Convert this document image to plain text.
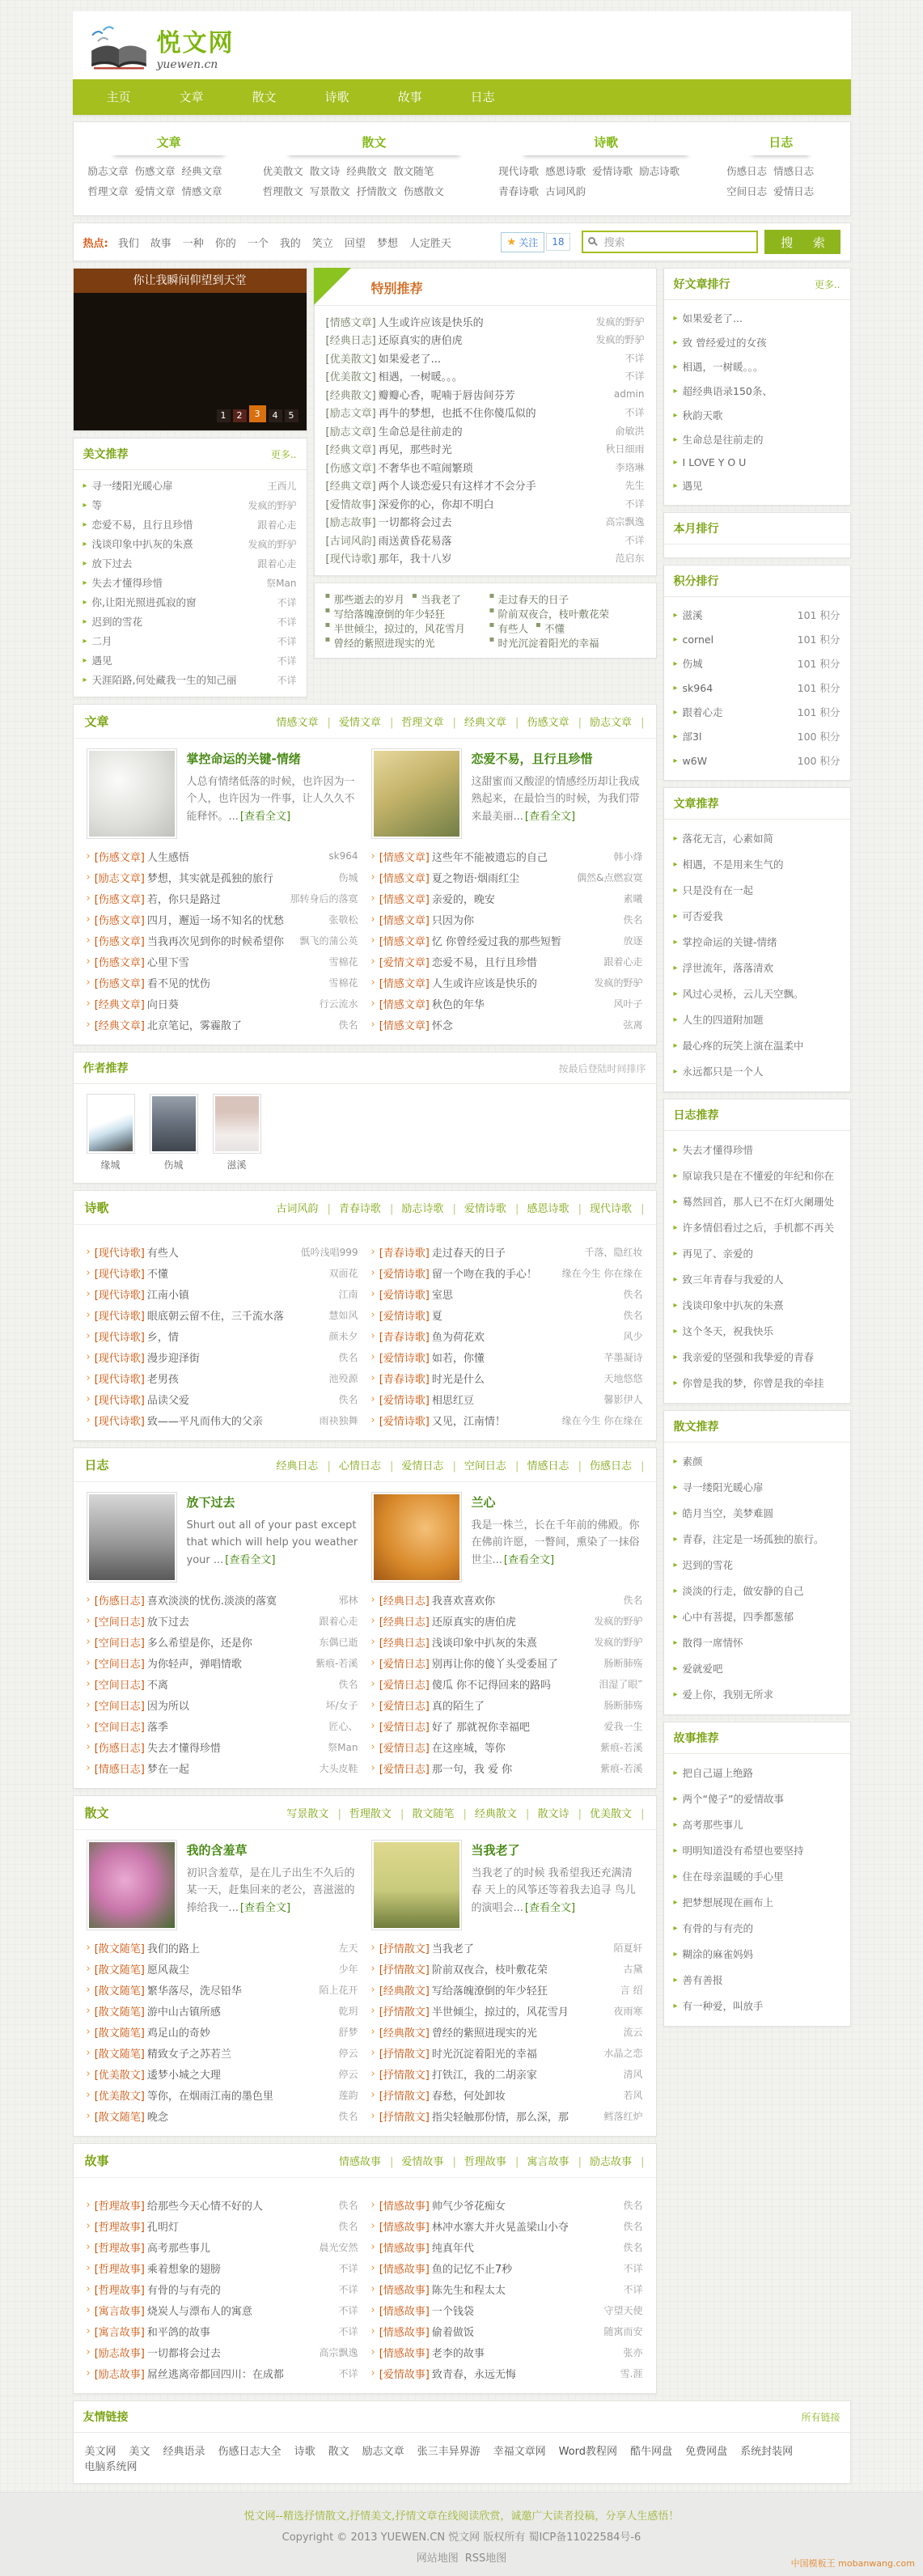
悦文网
yuewen.cn
主页	文章	散文	诗歌	故事	日志
文章
励志文章 伤感文章 经典文章
哲理文章 爱情文章 情感文章
散文
优美散文 散文诗 经典散文 散文随笔
哲理散文 写景散文 抒情散文 伤感散文
诗歌
现代诗歌 感恩诗歌 爱情诗歌 励志诗歌
青春诗歌 古词风韵
日志
伤感日志 情感日志
空间日志 爱情日志
热点: 我们 故事 一种 你的 一个 我的 笑立 回望 梦想 人定胜天
★	关注	18
搜索	搜 索
你让我瞬间仰望到天堂
1	2	3	4	5
美文推荐	更多..
▸ 寻一缕阳光暖心扉	王西儿
▸ 等	发疯的野驴
▸ 恋爱不易，且行且珍惜	跟着心走
▸ 浅谈印象中扒灰的朱熹	发疯的野驴
▸ 放下过去	跟着心走
▸ 失去才懂得珍惜	祭Man
▸ 你,让阳光照进孤寂的窗	不详
▸ 迟到的雪花	不详
▸ 二月	不详
▸ 遇见	不详
▸ 天涯陌路,何处藏我一生的知己丽	不详
特别推荐
[ 情感文章 ] 人生或许应该是快乐的	发疯的野驴
[ 经典日志 ] 还原真实的唐伯虎	发疯的野驴
[ 优美散文 ] 如果爱老了...	不详
[ 优美散文 ] 相遇，一树暖。。。	不详
[ 经典散文 ] 瓣瓣心香，呢喃于唇齿间芬芳	admin
[ 励志文章 ] 再牛的梦想，也抵不住你傻瓜似的	不详
[ 励志文章 ] 生命总是往前走的	俞敏洪
[ 经典文章 ] 再见，那些时光	秋日细雨
[ 伤感文章 ] 不奢华也不喧闹繁琐	李珞琳
[ 经典文章 ] 两个人谈恋爱只有这样才不会分手	先生
[ 爱情故事 ] 深爱你的心，你却不明白	不详
[ 励志故事 ] 一切都将会过去	高宗飘逸
[ 古词风韵 ] 雨送黄昏花易落	不详
[ 现代诗歌 ] 那年，我十八岁	范启东
▪ 那些逝去的岁月 ▪ 当我老了▪ 写给落魄潦倒的年少轻狂▪ 半世倾尘，掠过的，风花雪月▪ 曾经的紫照进现实的光
▪ 走过春天的日子▪ 阶前双夜合，枝叶敷花荣▪ 有些人 ▪ 不懂▪ 时光沉淀着阳光的幸福
文章	情感文章 |	爱情文章 |	哲理文章 |	经典文章 |	伤感文章 |	励志文章 |
掌控命运的关键-情绪
人总有情绪低落的时候，也许因为一个人，也许因为一件事，让人久久不能释怀。... [查看全文]
恋爱不易，且行且珍惜
这甜蜜而又酸涩的情感经历却让我成熟起来，在最恰当的时候，为我们带来最美丽... [查看全文]
[ › 伤感文章 ] 人生感悟	sk964
[ › 励志文章 ] 梦想，其实就是孤独的旅行	伤城
[ › 伤感文章 ] 若，你只是路过	那转身后的落寞
[ › 伤感文章 ] 四月，邂逅一场不知名的忧愁	张敬松
[ › 伤感文章 ] 当我再次见到你的时候希望你	飘飞的蒲公英
[ › 伤感文章 ] 心里下雪	雪棉花
[ › 伤感文章 ] 看不见的忧伤	雪棉花
[ › 经典文章 ] 向日葵	行云流水
[ › 经典文章 ] 北京笔记，雾霾散了	佚名
[ › 情感文章 ] 这些年不能被遗忘的自己	韩小烽
[ › 情感文章 ] 夏之物语·烟雨红尘	偶然&点燃寂寞
[ › 情感文章 ] 亲爱的，晚安	素曦
[ › 情感文章 ] 只因为你	佚名
[ › 情感文章 ] 忆 你曾经爱过我的那些短暂	放逐
[ › 爱情文章 ] 恋爱不易，且行且珍惜	跟着心走
[ › 情感文章 ] 人生或许应该是快乐的	发疯的野驴
[ › 情感文章 ] 秋色的年华	风叶子
[ › 情感文章 ] 怀念	弦离
作者推荐	按最后登陆时间排序
缘城	伤城	滋溪
诗歌	古词风韵 |	青春诗歌 |	励志诗歌 |	爱情诗歌 |	感恩诗歌 |	现代诗歌 |
[ › 现代诗歌 ] 有些人	低吟浅唱999
[ › 现代诗歌 ] 不懂	双面花
[ › 现代诗歌 ] 江南小镇	江南
[ › 现代诗歌 ] 眼底朝云留不住，三千流水落	慧如风
[ › 现代诗歌 ] 乡，情	颜未夕
[ › 现代诗歌 ] 漫步迎泽街	佚名
[ › 现代诗歌 ] 老男孩	池殁源
[ › 现代诗歌 ] 品读父爱	佚名
[ › 现代诗歌 ] 致——平凡而伟大的父亲	雨袂独舞
[ › 青春诗歌 ] 走过春天的日子	千落，隐红妆
[ › 爱情诗歌 ] 留一个吻在我的手心！	缘在今生 你在缘在
[ › 爱情诗歌 ] 室思	佚名
[ › 爱情诗歌 ] 夏	佚名
[ › 青春诗歌 ] 鱼为荷花欢	风少
[ › 爱情诗歌 ] 如若，你懂	芊墨凝诗
[ › 青春诗歌 ] 时光是什么	天地悠悠
[ › 爱情诗歌 ] 相思红豆	馨影伊人
[ › 爱情诗歌 ] 又见，江南情！	缘在今生 你在缘在
日志	经典日志 |	心情日志 |	爱情日志 |	空间日志 |	情感日志 |	伤感日志 |
放下过去
Shurt out all of your past except that which will help you weather your ... [查看全文]
兰心
我是一株兰，长在千年前的佛殿。你在佛前许愿，一瞥间，熏染了一抹俗世尘... [查看全文]
[ › 伤感日志 ] 喜欢淡淡的忧伤.淡淡的落寞	邪林
[ › 空间日志 ] 放下过去	跟着心走
[ › 空间日志 ] 多么希望是你，还是你	东偶已逝
[ › 空间日志 ] 为你轻声，弹唱情歌	紫痕-若溪
[ › 空间日志 ] 不离	佚名
[ › 空间日志 ] 因为所以	坏/女子
[ › 空间日志 ] 落季	匠心、
[ › 伤感日志 ] 失去才懂得珍惜	祭Man
[ › 情感日志 ] 梦在一起	大头皮鞋
[ › 经典日志 ] 我喜欢喜欢你	佚名
[ › 经典日志 ] 还原真实的唐伯虎	发疯的野驴
[ › 经典日志 ] 浅谈印象中扒灰的朱熹	发疯的野驴
[ › 爱情日志 ] 别再让你的傻丫头受委屈了	肠断肺殇
[ › 爱情日志 ] 傻瓜 你不记得回来的路吗	泪湿了眼‴
[ › 爱情日志 ] 真的陌生了	肠断肺殇
[ › 爱情日志 ] 好了 那就祝你幸福吧	爱我一生
[ › 爱情日志 ] 在这座城，等你	紫痕-若溪
[ › 爱情日志 ] 那一句，我 爱 你	紫痕-若溪
散文	写景散文 |	哲理散文 |	散文随笔 |	经典散文 |	散文诗 |	优美散文 |
我的含羞草
初识含羞草，是在儿子出生不久后的某一天，赶集回来的老公，喜滋滋的捧给我一... [查看全文]
当我老了
当我老了的时候 我希望我还充满清春 天上的风筝还等着我去追寻 鸟儿的演唱会... [查看全文]
[ › 散文随笔 ] 我们的路上	左天
[ › 散文随笔 ] 愿风裁尘	少年
[ › 散文随笔 ] 繁华落尽，洗尽铅华	陌上花开
[ › 散文随笔 ] 游中山古镇所感	乾玥
[ › 散文随笔 ] 鸡足山的奇妙	舒梦
[ › 散文随笔 ] 精致女子之苏若兰	停云
[ › 优美散文 ] 逶梦小城之大理	停云
[ › 优美散文 ] 等你，在烟雨江南的墨色里	莲韵
[ › 散文随笔 ] 晚念	佚名
[ › 抒情散文 ] 当我老了	陌夏轩
[ › 抒情散文 ] 阶前双夜合，枝叶敷花荣	古黛
[ › 经典散文 ] 写给落魄潦倒的年少轻狂	言 绍
[ › 抒情散文 ] 半世倾尘，掠过的，风花雪月	夜雨寒
[ › 经典散文 ] 曾经的紫照进现实的光	流云
[ › 抒情散文 ] 时光沉淀着阳光的幸福	水晶之恋
[ › 抒情散文 ] 打铁江，我的二胡亲家	清风
[ › 抒情散文 ] 春愁，何处卸妆	若风
[ › 抒情散文 ] 指尖轻触那份情，那么深，那	鳕落红炉
故事	情感故事 |	爱情故事 |	哲理故事 |	寓言故事 |	励志故事 |
[ › 哲理故事 ] 给那些今天心情不好的人	佚名
[ › 哲理故事 ] 孔明灯	佚名
[ › 哲理故事 ] 高考那些事儿	晨光安然
[ › 哲理故事 ] 乘着想象的翅膀	不详
[ › 哲理故事 ] 有骨的与有壳的	不详
[ › 寓言故事 ] 烧炭人与漂布人的寓意	不详
[ › 寓言故事 ] 和平鸽的故事	不详
[ › 励志故事 ] 一切都将会过去	高宗飘逸
[ › 励志故事 ] 屌丝逃离帝都回四川：在成都	不详
[ › 情感故事 ] 帅气少爷花痴女	佚名
[ › 情感故事 ] 林冲水寨大并火晃盖梁山小夺	佚名
[ › 情感故事 ] 纯真年代	佚名
[ › 情感故事 ] 鱼的记忆不止7秒	不详
[ › 情感故事 ] 陈先生和程太太	不详
[ › 情感故事 ] 一个钱袋	守望天使
[ › 情感故事 ] 偷着做饭	随寓而安
[ › 情感故事 ] 老李的故事	张亦
[ › 爱情故事 ] 致青春，永远无悔	雪.涯
好文章排行	更多..
▸ 如果爱老了...
▸ 致 曾经爱过的女孩
▸ 相遇，一树暖。。。
▸ 超经典语录150条、
▸ 秋韵天歌
▸ 生命总是往前走的
▸ I LOVE Y O U
▸ 遇见
本月排行
积分排行
▸ 滋溪	101 积分
▸ cornel	101 积分
▸ 伤城	101 积分
▸ sk964	101 积分
▸ 跟着心走	101 积分
▸ 部3l	100 积分
▸ w6W	100 积分
文章推荐
▸ 落花无言，心素如简
▸ 相遇，不是用来生气的
▸ 只是没有在一起
▸ 可否爱我
▸ 掌控命运的关键-情绪
▸ 浮世流年，落落清欢
▸ 风过心灵桥，云儿天空飘。
▸ 人生的四道附加题
▸ 最心疼的玩笑上演在温柔中
▸ 永远都只是一个人
日志推荐
▸ 失去才懂得珍惜
▸ 原谅我只是在不懂爱的年纪和你在
▸ 蓦然回首，那人已不在灯火阑珊处
▸ 许多情侣看过之后，手机都不再关
▸ 再见了、亲爱的
▸ 致三年青春与我爱的人
▸ 浅谈印象中扒灰的朱熹
▸ 这个冬天，祝我快乐
▸ 我亲爱的坚强和我挚爱的青春
▸ 你曾是我的梦，你曾是我的牵挂
散文推荐
▸ 素颜
▸ 寻一缕阳光暖心扉
▸ 皓月当空，美梦难圆
▸ 青春，注定是一场孤独的旅行。
▸ 迟到的雪花
▸ 淡淡的行走，做安静的自己
▸ 心中有菩提，四季都葱郁
▸ 散得一席情怀
▸ 爱就爱吧
▸ 爱上你，我别无所求
故事推荐
▸ 把自己逼上绝路
▸ 两个“傻子”的爱情故事
▸ 高考那些事儿
▸ 明明知道没有希望也要坚持
▸ 住在母亲温暖的手心里
▸ 把梦想展现在画布上
▸ 有骨的与有壳的
▸ 糊涂的麻雀妈妈
▸ 善有善报
▸ 有一种爱，叫放手
友情链接	所有链接
美文网 美文 经典语录 伤感日志大全 诗歌 散文 励志文章 张三丰异界游 幸福文章网 Word教程网 酷牛网盘 免费网盘 系统封装网
电脑系统网
悦文网--精选抒情散文,抒情美文,抒情文章在线阅读欣赏，诚邀广大读者投稿，分享人生感悟！
Copyright © 2013 YUEWEN.CN 悦文网 版权所有 蜀ICP备11022584号-6
网站地图 RSS地图	中国模板王 mobanwang.com
